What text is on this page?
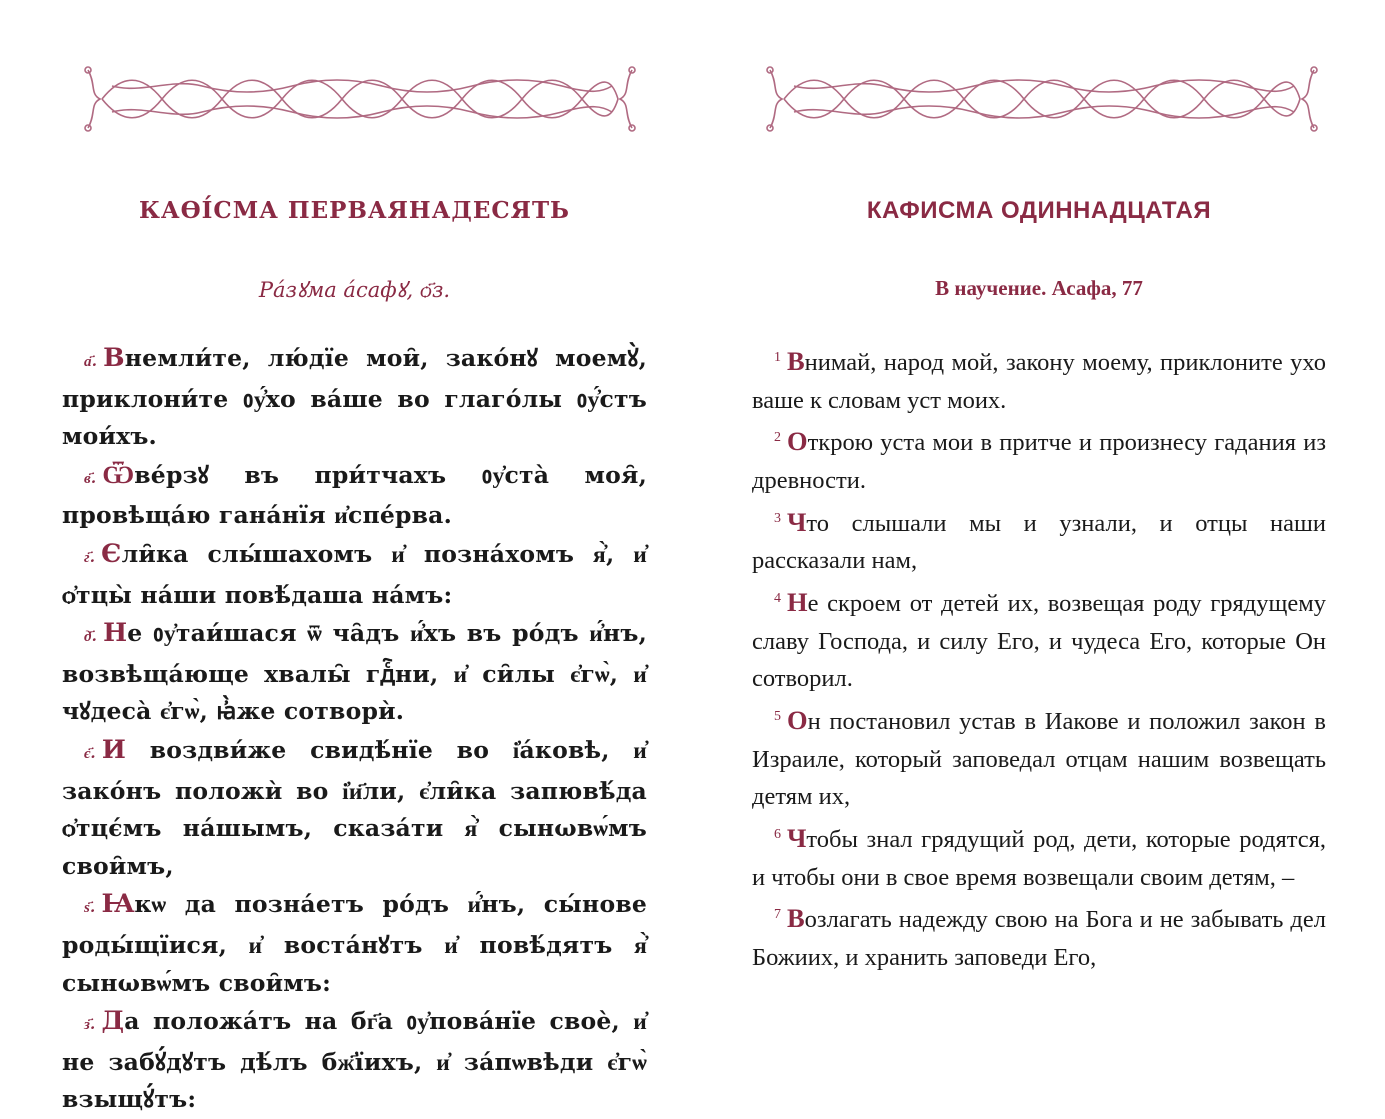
КАѲІ́СМА ПЕРВАЯНАДЕСЯТЬ
Ра́зꙋма а́сафꙋ, ѻ҃з.
а҃. Внемли́те, лю́дїе мои̑, зако́нꙋ моемꙋ̀, приклони́те ᲂу҆́хо ва́ше во глаго́лы ᲂу҆́стъ мои́хъ.
в҃. Ѿве́рзꙋ въ при́тчахъ ᲂу҆ста̀ моя̑, провѣща́ю гана́нїя и҆спе́рва.
г҃. Єли̑ка слы́шахомъ и҆ позна́хомъ я҆̀, и҆ ѻ҆тцы̀ на́ши повѣ́даша на́мъ:
д҃. Не ᲂу҆таи́шася ѿ ча̑дъ и҆́хъ въ ро́дъ и҆́нъ, возвѣща́юще хвалы̑ гдⷭ҇ни, и҆ си̑лы є҆гѡ̀, и҆ чꙋдеса̀ є҆гѡ̀, ꙗ҆̀же сотворѝ.
є҃. И воздви́же свидѣ́нїе во і҆а́ковѣ, и҆ зако́нъ положѝ во і҆и҃ли, є҆ли̑ка запювѣ́да ѻ҆тцє́мъ на́шымъ, сказа́ти я҆̀ сынωвѡ́мъ свои̑мъ,
ѕ҃. Ꙗкѡ да позна́етъ ро́дъ и҆́нъ, сы́нове роды́щїися, и҆ воста́нꙋтъ и҆ повѣ́дятъ я҆̀ сынωвѡ́мъ свои̑мъ:
з҃. Да положа́тъ на бг҃а ᲂу҆пова́нїе своѐ, и҆ не забꙋ́дꙋтъ дѣ́лъ бж҃їихъ, и҆ за́пѡвѣди є҆гѡ̀ взыщꙋ́тъ:
КАФИСМА ОДИННАДЦАТАЯ
В научение. Асафа, 77
$^1$ Внимай, народ мой, закону моему, приклоните ухо ваше к словам уст моих.
$^2$ Открою уста мои в притче и произнесу гадания из древности.
$^3$ Что слышали мы и узнали, и отцы наши рассказали нам,
$^4$ Не скроем от детей их, возвещая роду грядущему славу Господа, и силу Его, и чудеса Его, которые Он сотворил.
$^5$ Он постановил устав в Иакове и положил закон в Израиле, который заповедал отцам нашим возвещать детям их,
$^6$ Чтобы знал грядущий род, дети, которые родятся, и чтобы они в свое время возвещали своим детям, –
$^7$ Возлагать надежду свою на Бога и не забывать дел Божиих, и хранить заповеди Его,
